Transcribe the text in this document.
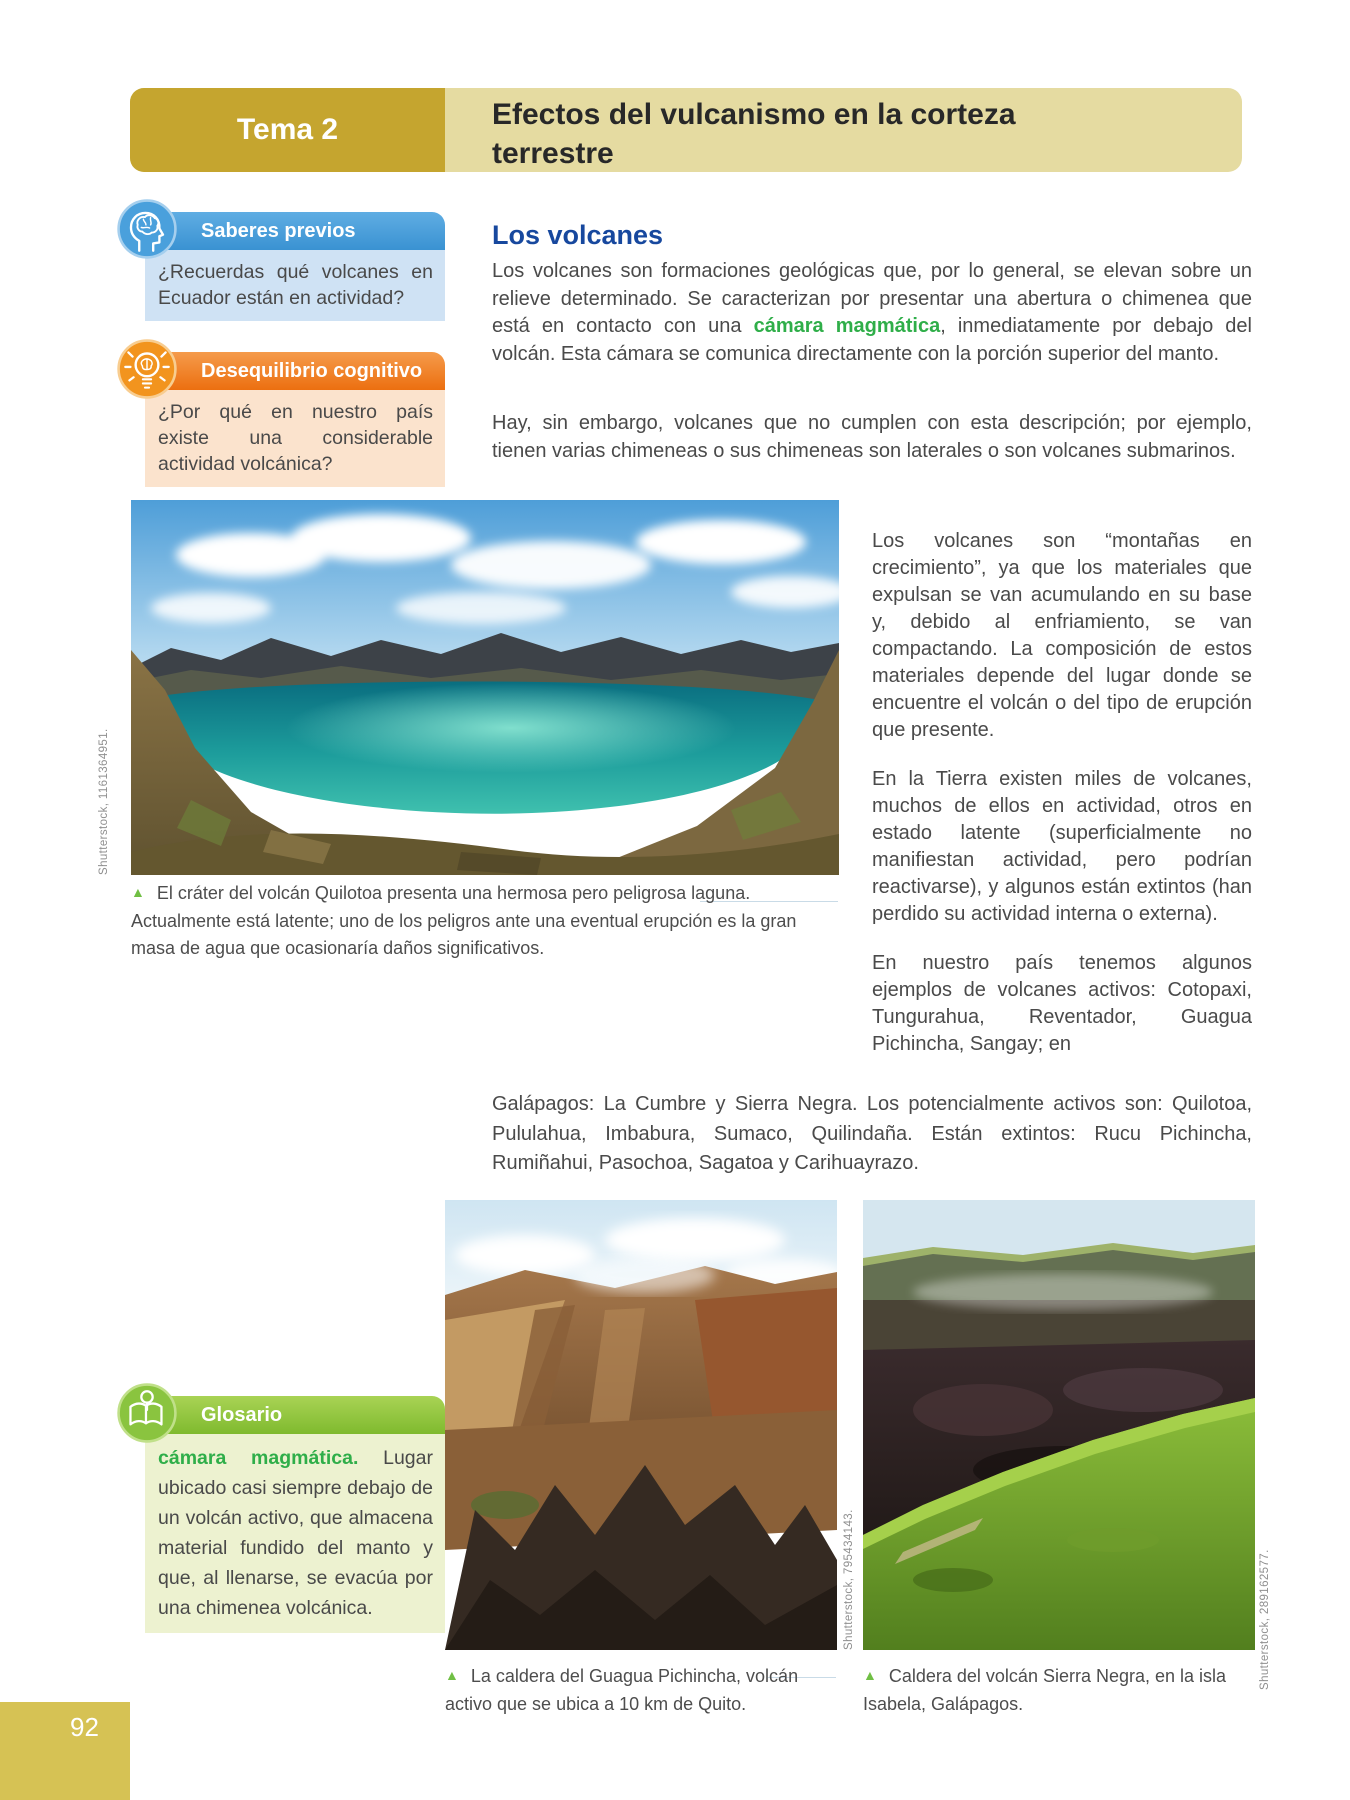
Tema 2	Efectos del vulcanismo en la corteza terrestre
Saberes previos
¿Recuerdas qué volcanes en Ecuador están en actividad?
Desequilibrio cognitivo
¿Por qué en nuestro país existe una considerable actividad volcánica?
Los volcanes
Los volcanes son formaciones geológicas que, por lo general, se elevan sobre un relieve determinado. Se caracterizan por presentar una abertura o chimenea que está en contacto con una cámara magmática, inmediatamente por debajo del volcán. Esta cámara se comunica directamente con la porción superior del manto.
Hay, sin embargo, volcanes que no cumplen con esta descripción; por ejemplo, tienen varias chimeneas o sus chimeneas son laterales o son volcanes submarinos.
Shutterstock, 1161364951.

▲ El cráter del volcán Quilotoa presenta una hermosa pero peligrosa laguna. Actualmente está latente; uno de los peligros ante una eventual erupción es la gran masa de agua que ocasionaría daños significativos.

Los volcanes son “montañas en crecimiento”, ya que los materiales que expulsan se van acumulando en su base y, debido al enfriamiento, se van compactando. La composición de estos materiales depende del lugar donde se encuentre el volcán o del tipo de erupción que presente.

En la Tierra existen miles de volcanes, muchos de ellos en actividad, otros en estado latente (superficialmente no manifiestan actividad, pero podrían reactivarse), y algunos están extintos (han perdido su actividad interna o externa).

En nuestro país tenemos algunos ejemplos de volcanes activos: Cotopaxi, Tungurahua, Reventador, Guagua Pichincha, Sangay; en

Galápagos: La Cumbre y Sierra Negra. Los potencialmente activos son: Quilotoa, Pululahua, Imbabura, Sumaco, Quilindaña. Están extintos: Rucu Pichincha, Rumiñahui, Pasochoa, Sagatoa y Carihuayrazo.
Glosario
cámara magmática. Lugar ubicado casi siempre debajo de un volcán activo, que almacena material fundido del manto y que, al llenarse, se evacúa por una chimenea volcánica.

▲ La caldera del Guagua Pichincha, volcán activo que se ubica a 10 km de Quito.

Shutterstock, 795434143.

▲ Caldera del volcán Sierra Negra, en la isla Isabela, Galápagos.

Shutterstock, 289162577.
92
